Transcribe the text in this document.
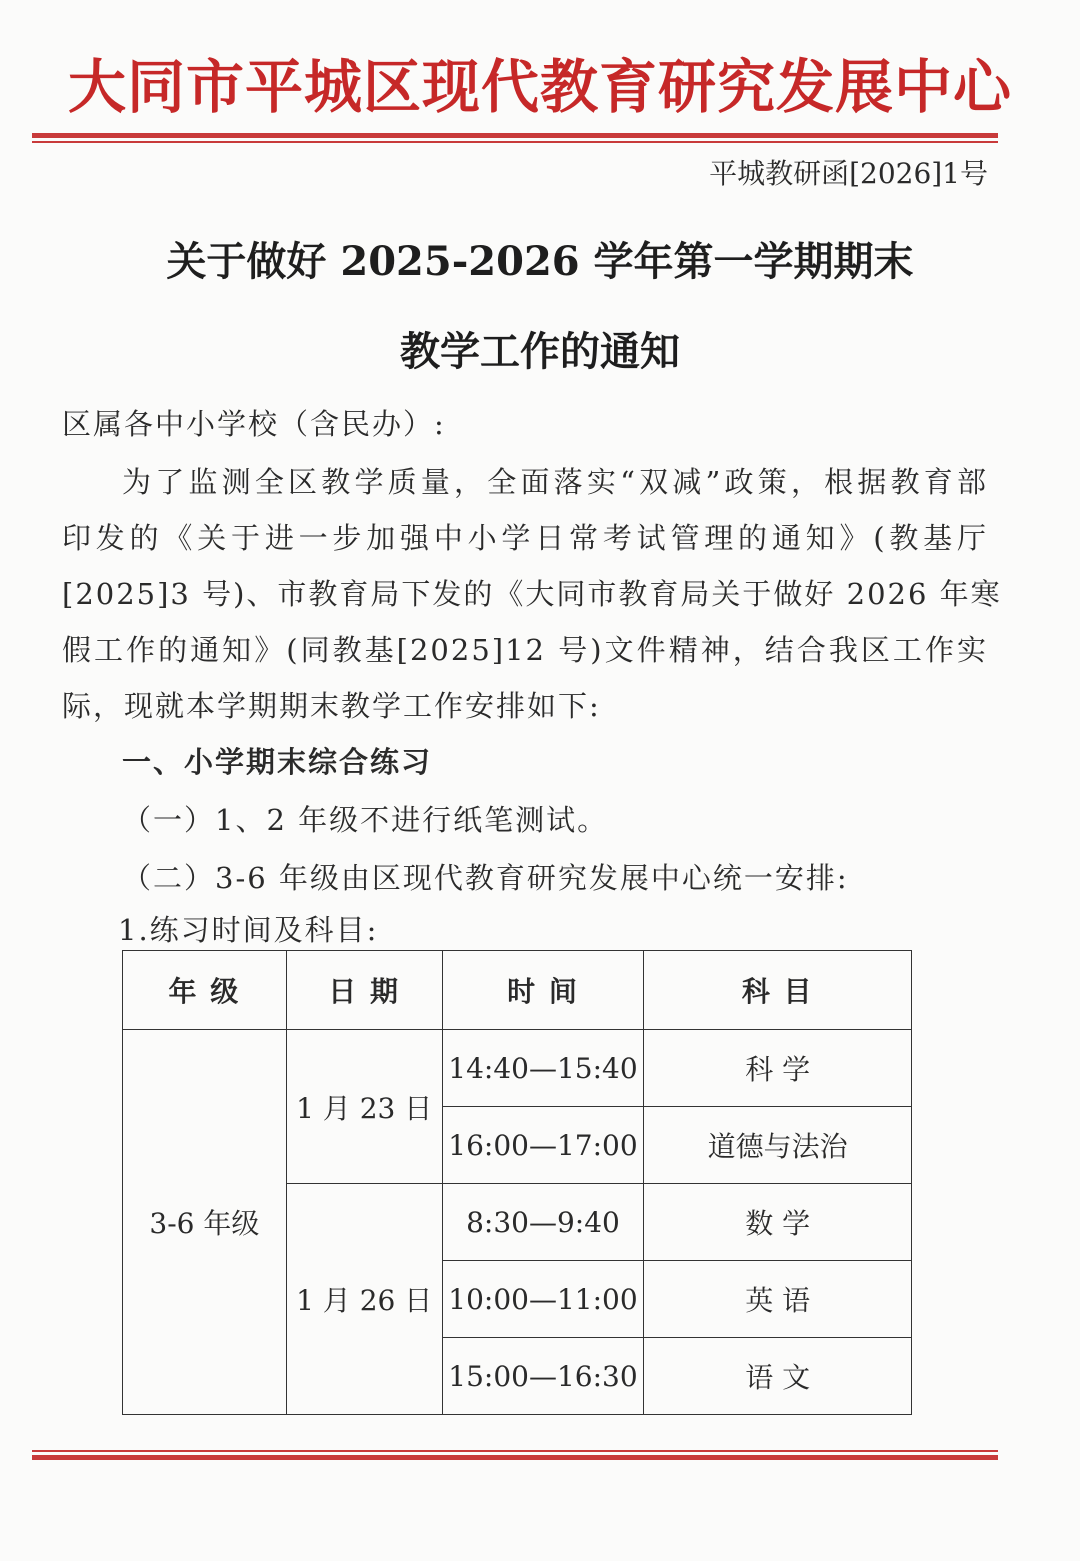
大同市平城区现代教育研究发展中心
平城教研函[2026]1号
关于做好 2025-2026 学年第一学期期末
教学工作的通知
区属各中小学校（含民办）:
为了监测全区教学质量，全面落实“双减”政策，根据教育部
印发的《关于进一步加强中小学日常考试管理的通知》(教基厅
[2025]3 号)、市教育局下发的《大同市教育局关于做好 2026 年寒
假工作的通知》(同教基[2025]12 号)文件精神，结合我区工作实
际，现就本学期期末教学工作安排如下:
一、小学期末综合练习
（一）1、2 年级不进行纸笔测试。
（二）3-6 年级由区现代教育研究发展中心统一安排:
1.练习时间及科目:
年 级	日 期	时 间	科 目
3-6 年级	1 月 23 日	14:40—15:40	科 学
		16:00—17:00	道德与法治
	1 月 26 日	8:30—9:40	数 学
		10:00—11:00	英 语
		15:00—16:30	语 文
